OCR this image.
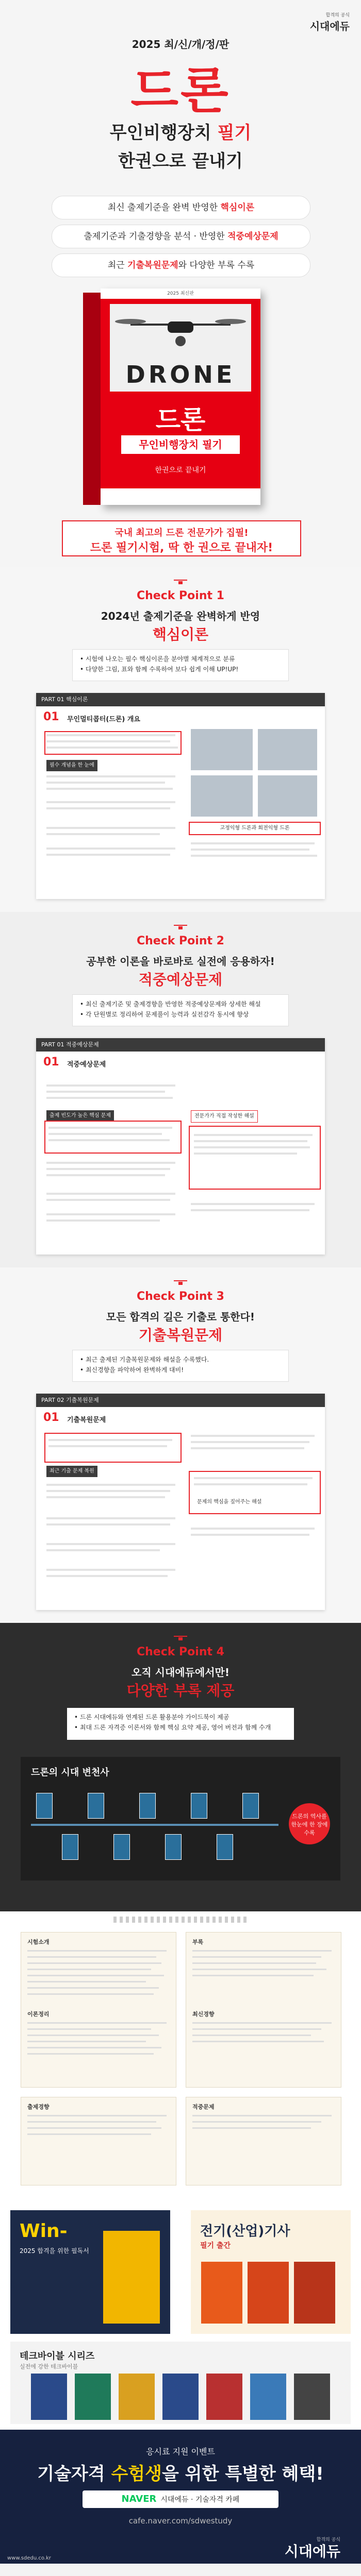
합격의 공식
시대에듀
2025 최/신/개/정/판
드론
무인비행장치 필기
한권으로 끝내기
최신 출제기준을 완벽 반영한 핵심이론
출제기준과 기출경향을 분석 · 반영한 적중예상문제
최근 기출복원문제와 다양한 부록 수록
2025 최신판
DRONE
드론
무인비행장치 필기
한권으로 끝내기
국내 최고의 드론 전문가가 집필!
드론 필기시험, 딱 한 권으로 끝내자!
Check Point 1
2024년 출제기준을 완벽하게 반영
핵심이론
• 시험에 나오는 필수 핵심이론을 분야별 체계적으로 분류
• 다양한 그림, 표와 함께 수록하여 보다 쉽게 이해 UP!UP!
PART 01 핵심이론
01 무인멀티콥터(드론) 개요
필수 개념을 한 눈에
고정익형 드론과 회전익형 드론
Check Point 2
공부한 이론을 바로바로 실전에 응용하자!
적중예상문제
• 최신 출제기준 및 출제경향을 반영한 적중예상문제와 상세한 해설
• 각 단원별로 정리하여 문제풀이 능력과 실전감각 동시에 향상
PART 01 적중예상문제
01 적중예상문제
출제 빈도가 높은 핵심 문제	전문가가 직접 작성한 해설
Check Point 3
모든 합격의 길은 기출로 통한다!
기출복원문제
• 최근 출제된 기출복원문제와 해설을 수록했다.
• 최신경향을 파악하여 완벽하게 대비!
PART 02 기출복원문제
01 기출복원문제
최근 기출 문제 복원
문제의 핵심을 짚어주는 해설
Check Point 4
오직 시대에듀에서만!
다양한 부록 제공
• 드론 시대에듀와 연계된 드론 활용분야 가이드북이 제공
• 최대 드론 자격증 이론서와 함께 핵심 요약 제공, 영어 버전과 함께 수개
드론의 시대 변천사
드론의 역사를 한눈에 한 장에 수록
시험소개
이론정리
부록
최신경향
출제경향	적중문제
Win-
2025 합격을 위한 필독서
전기(산업)기사
필기 출간
테크바이블 시리즈
실전에 강한 테크바이블
응시료 지원 이벤트
기술자격 수험생을 위한 특별한 혜택!
NAVER 시대에듀 · 기술자격 카페
cafe.naver.com/sdwestudy
합격의 공식
시대에듀
www.sdedu.co.kr
